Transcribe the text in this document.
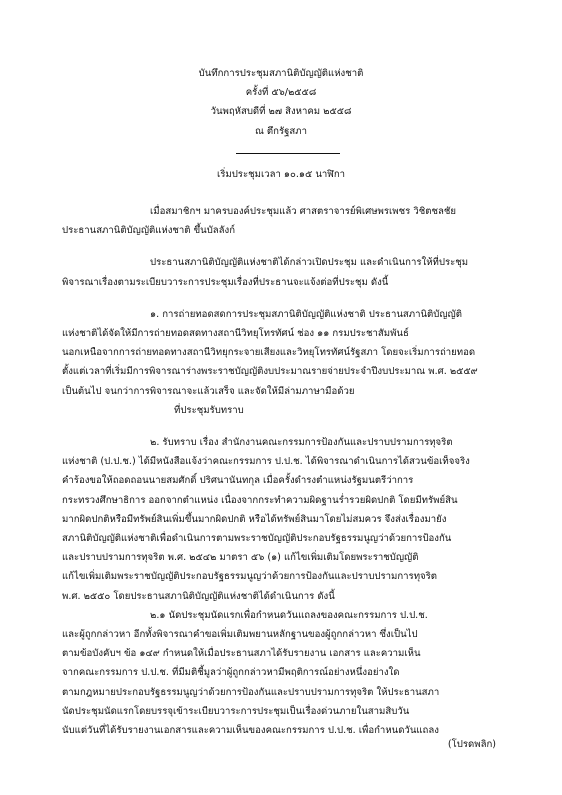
บันทึกการประชุมสภานิติบัญญัติแห่งชาติ
ครั้งที่ ๕๖/๒๕๕๘
วันพฤหัสบดีที่ ๒๗ สิงหาคม ๒๕๕๘
ณ ตึกรัฐสภา
เริ่มประชุมเวลา ๑๐.๑๕ นาฬิกา

เมื่อสมาชิกฯ มาครบองค์ประชุมแล้ว ศาสตราจารย์พิเศษพรเพชร วิชิตชลชัย

ประธานสภานิติบัญญัติแห่งชาติ ขึ้นบัลลังก์

ประธานสภานิติบัญญัติแห่งชาติได้กล่าวเปิดประชุม และดำเนินการให้ที่ประชุม

พิจารณาเรื่องตามระเบียบวาระการประชุมเรื่องที่ประธานจะแจ้งต่อที่ประชุม ดังนี้

๑. การถ่ายทอดสดการประชุมสภานิติบัญญัติแห่งชาติ ประธานสภานิติบัญญัติ

แห่งชาติได้จัดให้มีการถ่ายทอดสดทางสถานีวิทยุโทรทัศน์ ช่อง ๑๑ กรมประชาสัมพันธ์

นอกเหนือจากการถ่ายทอดทางสถานีวิทยุกระจายเสียงและวิทยุโทรทัศน์รัฐสภา โดยจะเริ่มการถ่ายทอด

ตั้งแต่เวลาที่เริ่มมีการพิจารณาร่างพระราชบัญญัติงบประมาณรายจ่ายประจำปีงบประมาณ พ.ศ. ๒๕๕๙

เป็นต้นไป จนกว่าการพิจารณาจะแล้วเสร็จ และจัดให้มีล่ามภาษามือด้วย

ที่ประชุมรับทราบ

๒. รับทราบ เรื่อง สำนักงานคณะกรรมการป้องกันและปราบปรามการทุจริต

แห่งชาติ (ป.ป.ช.) ได้มีหนังสือแจ้งว่าคณะกรรมการ ป.ป.ช. ได้พิจารณาดำเนินการได้สวนข้อเท็จจริง

คำร้องขอให้ถอดถอนนายสมศักดิ์ ปริศนานันทกุล เมื่อครั้งดำรงตำแหน่งรัฐมนตรีว่าการ

กระทรวงศึกษาธิการ ออกจากตำแหน่ง เนื่องจากกระทำความผิดฐานร่ำรวยผิดปกติ โดยมีทรัพย์สิน

มากผิดปกติหรือมีทรัพย์สินเพิ่มขึ้นมากผิดปกติ หรือได้ทรัพย์สินมาโดยไม่สมควร จึงส่งเรื่องมายัง

สภานิติบัญญัติแห่งชาติเพื่อดำเนินการตามพระราชบัญญัติประกอบรัฐธรรมนูญว่าด้วยการป้องกัน

และปราบปรามการทุจริต พ.ศ. ๒๕๔๒ มาตรา ๕๖ (๑) แก้ไขเพิ่มเติมโดยพระราชบัญญัติ

แก้ไขเพิ่มเติมพระราชบัญญัติประกอบรัฐธรรมนูญว่าด้วยการป้องกันและปราบปรามการทุจริต

พ.ศ. ๒๕๕๐ โดยประธานสภานิติบัญญัติแห่งชาติได้ดำเนินการ ดังนี้

๒.๑ นัดประชุมนัดแรกเพื่อกำหนดวันแถลงของคณะกรรมการ ป.ป.ช.

และผู้ถูกกล่าวหา อีกทั้งพิจารณาคำขอเพิ่มเติมพยานหลักฐานของผู้ถูกกล่าวหา ซึ่งเป็นไป

ตามข้อบังคับฯ ข้อ ๑๔๙ กำหนดให้เมื่อประธานสภาได้รับรายงาน เอกสาร และความเห็น

จากคณะกรรมการ ป.ป.ช. ที่มีมติชี้มูลว่าผู้ถูกกล่าวหามีพฤติการณ์อย่างหนึ่งอย่างใด

ตามกฎหมายประกอบรัฐธรรมนูญว่าด้วยการป้องกันและปราบปรามการทุจริต ให้ประธานสภา

นัดประชุมนัดแรกโดยบรรจุเข้าระเบียบวาระการประชุมเป็นเรื่องด่วนภายในสามสิบวัน

นับแต่วันที่ได้รับรายงานเอกสารและความเห็นของคณะกรรมการ ป.ป.ช. เพื่อกำหนดวันแถลง

(โปรดพลิก)
